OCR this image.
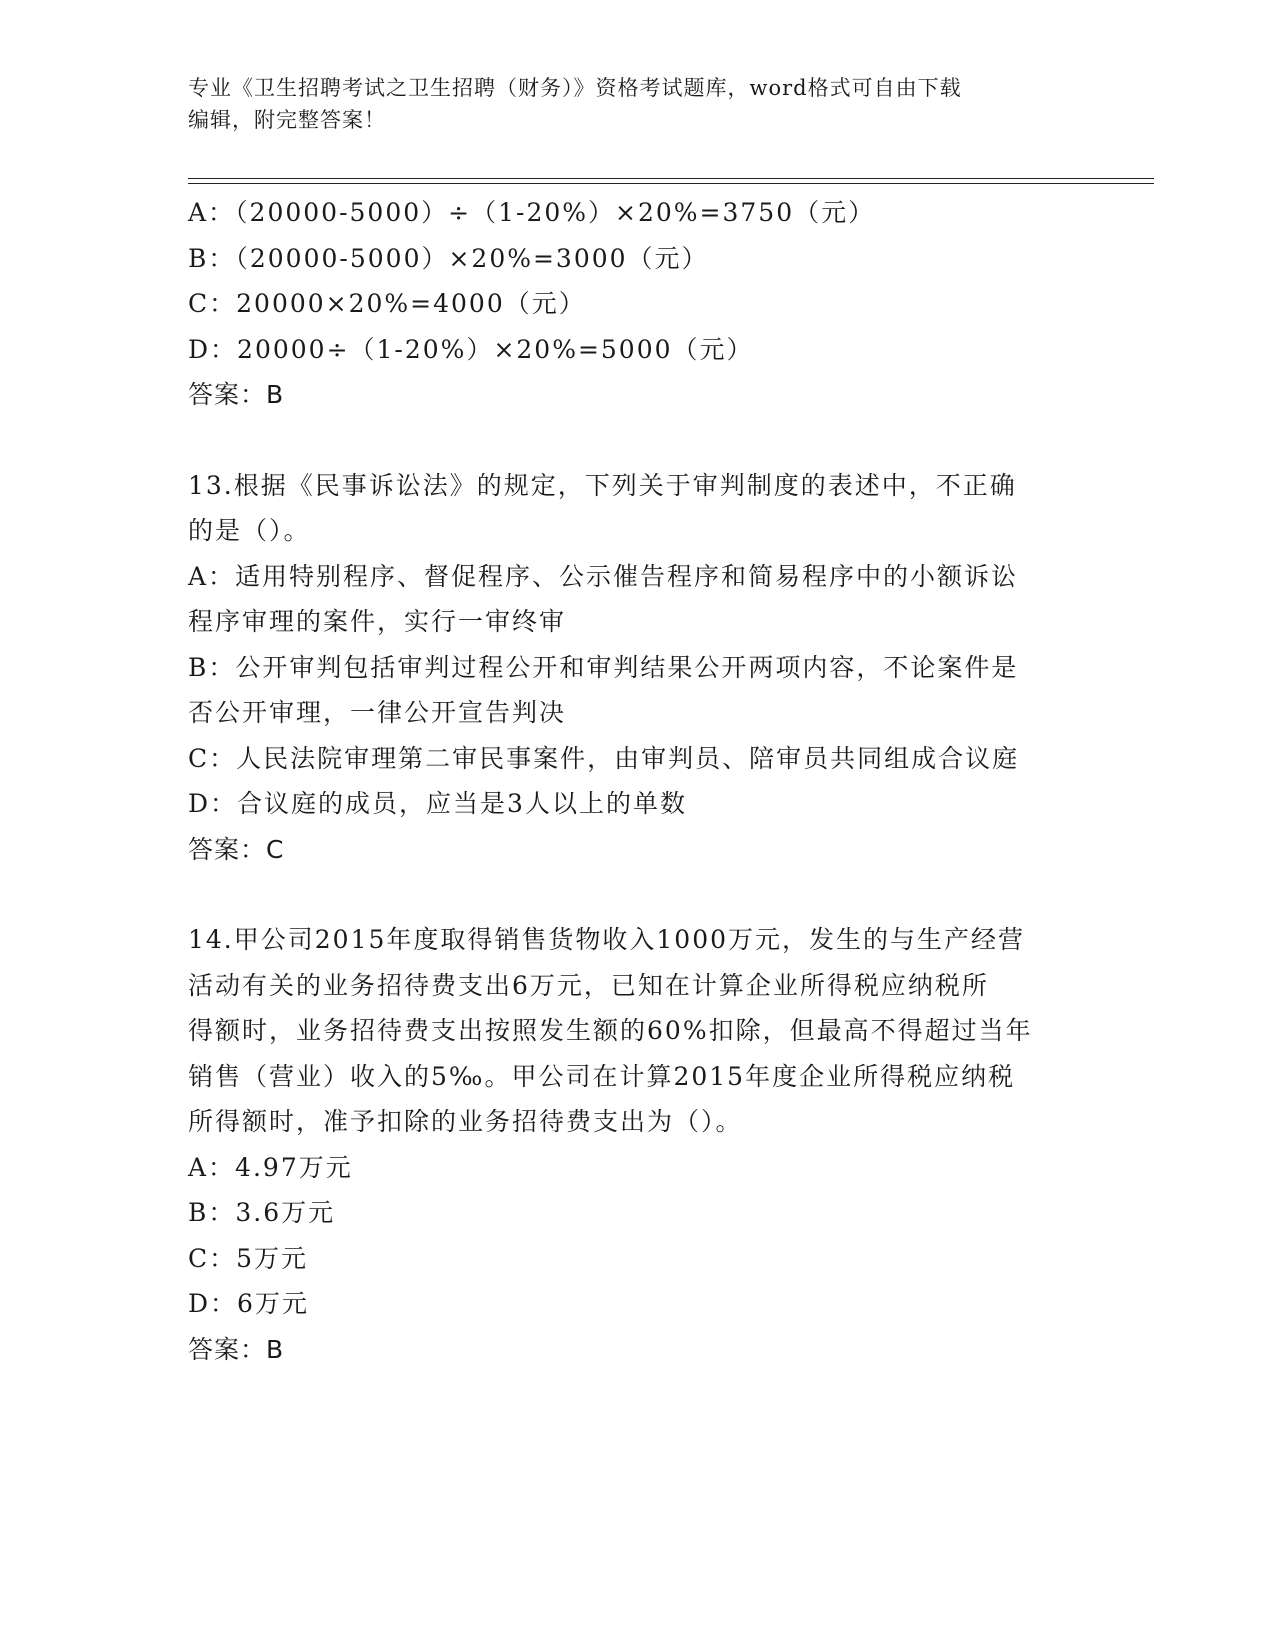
专业《卫生招聘考试之卫生招聘（财务）》资格考试题库，word格式可自由下载
编辑，附完整答案！
A：（20000-5000）÷（1-20%）×20%=3750（元）
B：（20000-5000）×20%=3000（元）
C：20000×20%=4000（元）
D：20000÷（1-20%）×20%=5000（元）
答案：B
13.根据《民事诉讼法》的规定，下列关于审判制度的表述中，不正确
的是（）。
A：适用特别程序、督促程序、公示催告程序和简易程序中的小额诉讼
程序审理的案件，实行一审终审
B：公开审判包括审判过程公开和审判结果公开两项内容，不论案件是
否公开审理，一律公开宣告判决
C：人民法院审理第二审民事案件，由审判员、陪审员共同组成合议庭
D：合议庭的成员，应当是3人以上的单数
答案：C
14.甲公司2015年度取得销售货物收入1000万元，发生的与生产经营
活动有关的业务招待费支出6万元，已知在计算企业所得税应纳税所
得额时，业务招待费支出按照发生额的60%扣除，但最高不得超过当年
销售（营业）收入的5‰。甲公司在计算2015年度企业所得税应纳税
所得额时，准予扣除的业务招待费支出为（）。
A：4.97万元
B：3.6万元
C：5万元
D：6万元
答案：B
